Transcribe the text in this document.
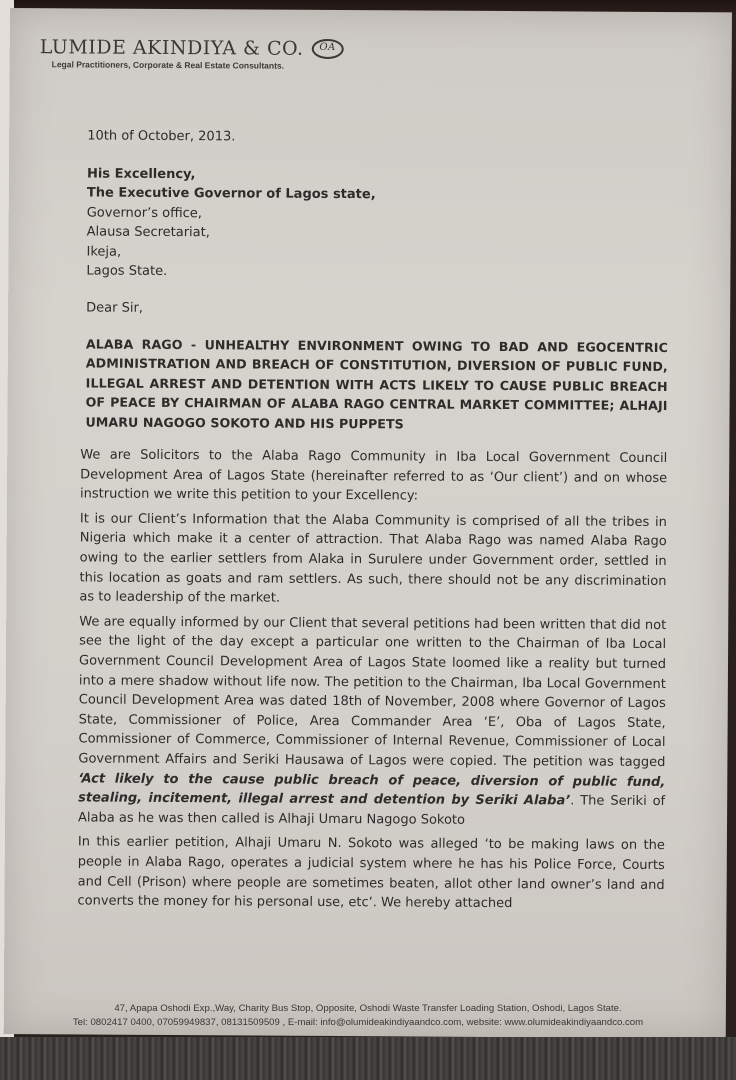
LUMIDE AKINDIYA & CO.	OA
Legal Practitioners, Corporate & Real Estate Consultants.
10th of October, 2013.
His Excellency,
The Executive Governor of Lagos state,
Governor’s office,
Alausa Secretariat,
Ikeja,
Lagos State.
Dear Sir,
ALABA RAGO - UNHEALTHY ENVIRONMENT OWING TO BAD AND EGOCENTRIC ADMINISTRATION AND BREACH OF CONSTITUTION, DIVERSION OF PUBLIC FUND, ILLEGAL ARREST AND DETENTION WITH ACTS LIKELY TO CAUSE PUBLIC BREACH OF PEACE BY CHAIRMAN OF ALABA RAGO CENTRAL MARKET COMMITTEE; ALHAJI UMARU NAGOGO SOKOTO AND HIS PUPPETS
We are Solicitors to the Alaba Rago Community in Iba Local Government Council Development Area of Lagos State (hereinafter referred to as ‘Our client’) and on whose instruction we write this petition to your Excellency:
It is our Client’s Information that the Alaba Community is comprised of all the tribes in Nigeria which make it a center of attraction. That Alaba Rago was named Alaba Rago owing to the earlier settlers from Alaka in Surulere under Government order, settled in this location as goats and ram settlers. As such, there should not be any discrimination as to leadership of the market.
We are equally informed by our Client that several petitions had been written that did not see the light of the day except a particular one written to the Chairman of Iba Local Government Council Development Area of Lagos State loomed like a reality but turned into a mere shadow without life now. The petition to the Chairman, Iba Local Government Council Development Area was dated 18th of November, 2008 where Governor of Lagos State, Commissioner of Police, Area Commander Area ‘E’, Oba of Lagos State, Commissioner of Commerce, Commissioner of Internal Revenue, Commissioner of Local Government Affairs and Seriki Hausawa of Lagos were copied. The petition was tagged ‘Act likely to the cause public breach of peace, diversion of public fund, stealing, incitement, illegal arrest and detention by Seriki Alaba’. The Seriki of Alaba as he was then called is Alhaji Umaru Nagogo Sokoto
In this earlier petition, Alhaji Umaru N. Sokoto was alleged ‘to be making laws on the people in Alaba Rago, operates a judicial system where he has his Police Force, Courts and Cell (Prison) where people are sometimes beaten, allot other land owner’s land and converts the money for his personal use, etc’. We hereby attached
47, Apapa Oshodi Exp.,Way, Charity Bus Stop, Opposite, Oshodi Waste Transfer Loading Station, Oshodi, Lagos State.
Tel: 0802417 0400, 07059949837, 08131509509 , E-mail: info@olumideakindiyaandco.com, website: www.olumideakindiyaandco.com
